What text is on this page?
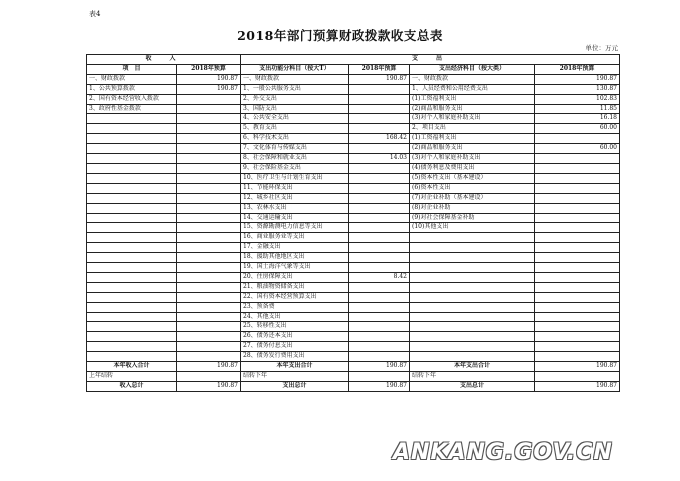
表4
2018年部门预算财政拨款收支总表
单位：万元
收　入		支　出			
项　目	2018年预算	支出功能分科目（按大T）	2018年预算	支出经济科目（按大类）	2018年预算
一、财政拨款	190.87	一、财政拨款	190.87	一、财政拨款	190.87
1、公共预算拨款	190.87	1、一般公共服务支出		1、人员经费和公用经费支出	130.87
2、国有资本经营收入拨款		2、外交支出		(1)工资福利支出	102.83
3、政府性基金拨款		3、国防支出		(2)商品和服务支出	11.85
		4、公共安全支出		(3)对个人和家庭补助支出	16.18
		5、教育支出		2、项目支出	60.00
		6、科学技术支出	168.42	(1)工资福利支出	
		7、文化体育与传媒支出		(2)商品和服务支出	60.00
		8、社会保障和就业支出	14.03	(3)对个人和家庭补助支出	
		9、社会保险基金支出		(4)债务利息及费用支出	
		10、医疗卫生与计划生育支出		(5)资本性支出（基本建设）	
		11、节能环保支出		(6)资本性支出	
		12、城乡社区支出		(7)对企业补助（基本建设）	
		13、农林水支出		(8)对企业补助	
		14、交通运输支出		(9)对社会保障基金补助	
		15、资源勘测电力信息等支出		(10)其他支出	
		16、商业服务业等支出			
		17、金融支出			
		18、援助其他地区支出			
		19、国土海洋气象等支出			
		20、住房保障支出	8.42		
		21、粮油物资储备支出			
		22、国有资本经营预算支出			
		23、预备费			
		24、其他支出			
		25、转移性支出			
		26、债务还本支出			
		27、债务付息支出			
		28、债务发行费用支出			
本年收入合计	190.87	本年支出合计	190.87	本年支出合计	190.87
上年结转		结转下年		结转下年	
收入总计	190.87	支出总计	190.87	支出总计	190.87
ANKANG.GOV.CN
